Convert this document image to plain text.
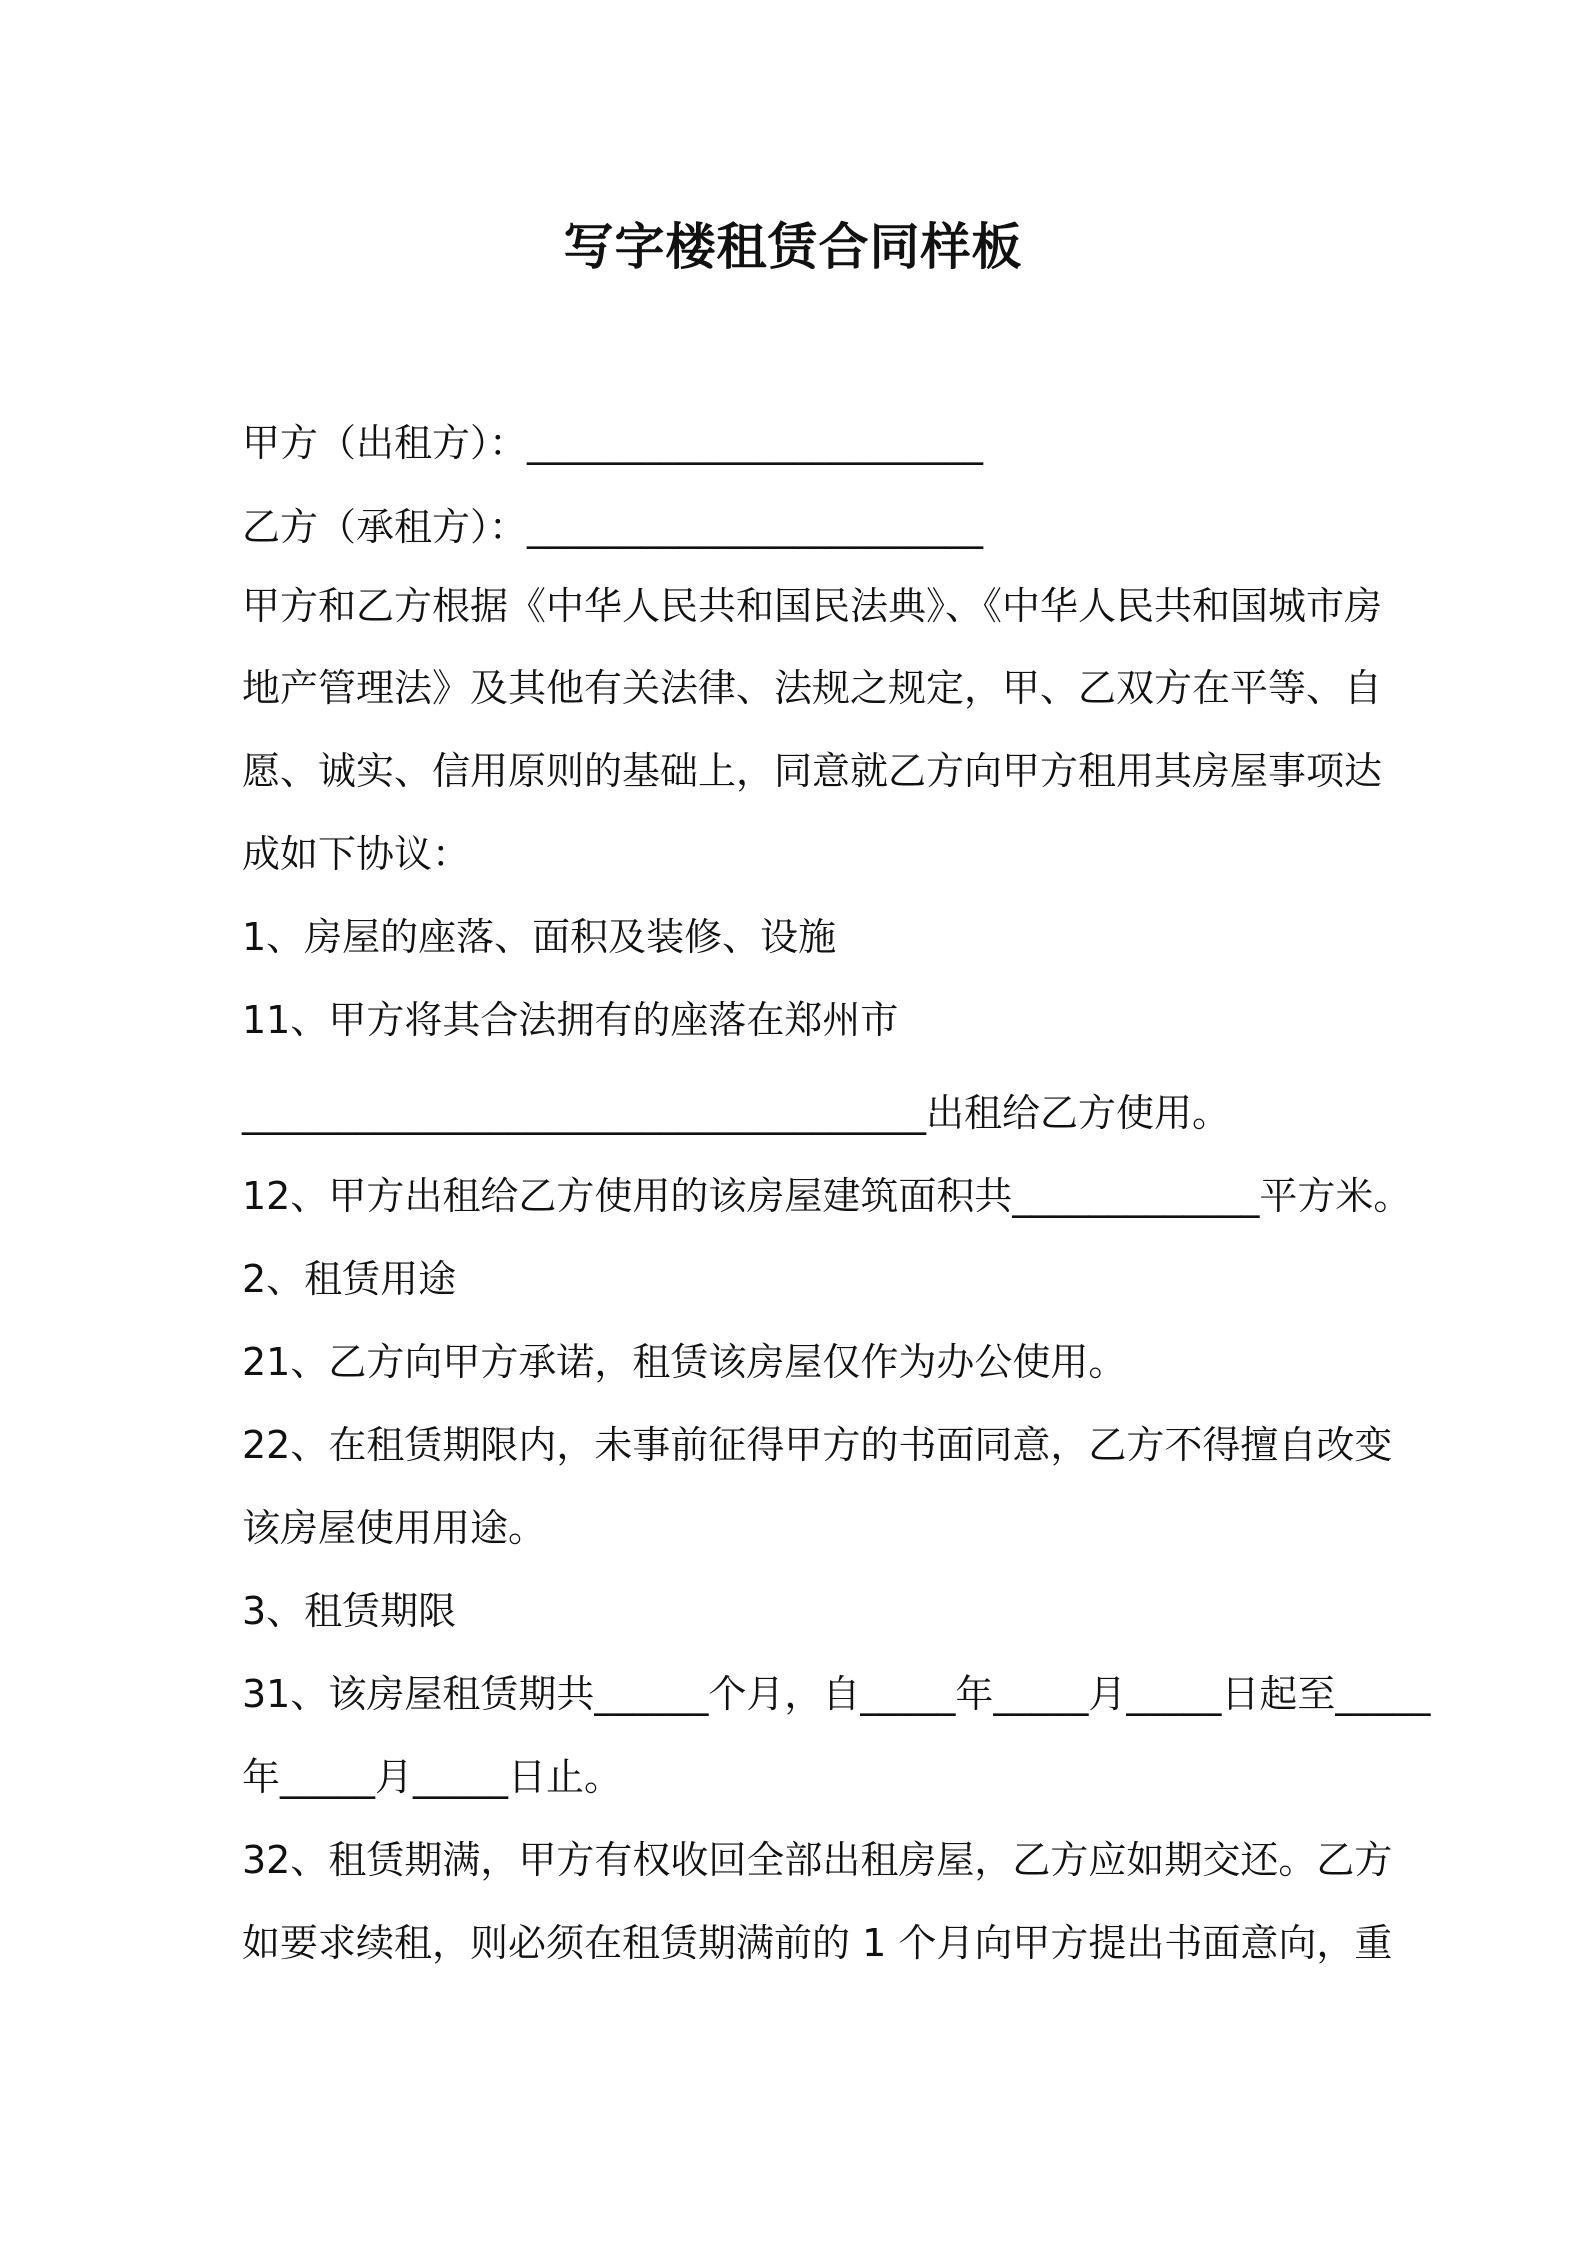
写字楼租赁合同样板
甲方（出租方）：________________________
乙方（承租方）：________________________
甲方和乙方根据《中华人民共和国民法典》、《中华人民共和国城市房
地产管理法》及其他有关法律、法规之规定，甲、乙双方在平等、自
愿、诚实、信用原则的基础上，同意就乙方向甲方租用其房屋事项达
成如下协议：
1、房屋的座落、面积及装修、设施
11、甲方将其合法拥有的座落在郑州市
____________________________________出租给乙方使用。
12、甲方出租给乙方使用的该房屋建筑面积共_____________平方米。
2、租赁用途
21、乙方向甲方承诺，租赁该房屋仅作为办公使用。
22、在租赁期限内，未事前征得甲方的书面同意，乙方不得擅自改变
该房屋使用用途。
3、租赁期限
31、该房屋租赁期共______个月，自_____年_____月_____日起至_____
年_____月_____日止。
32、租赁期满，甲方有权收回全部出租房屋，乙方应如期交还。乙方
如要求续租，则必须在租赁期满前的 1 个月向甲方提出书面意向，重
